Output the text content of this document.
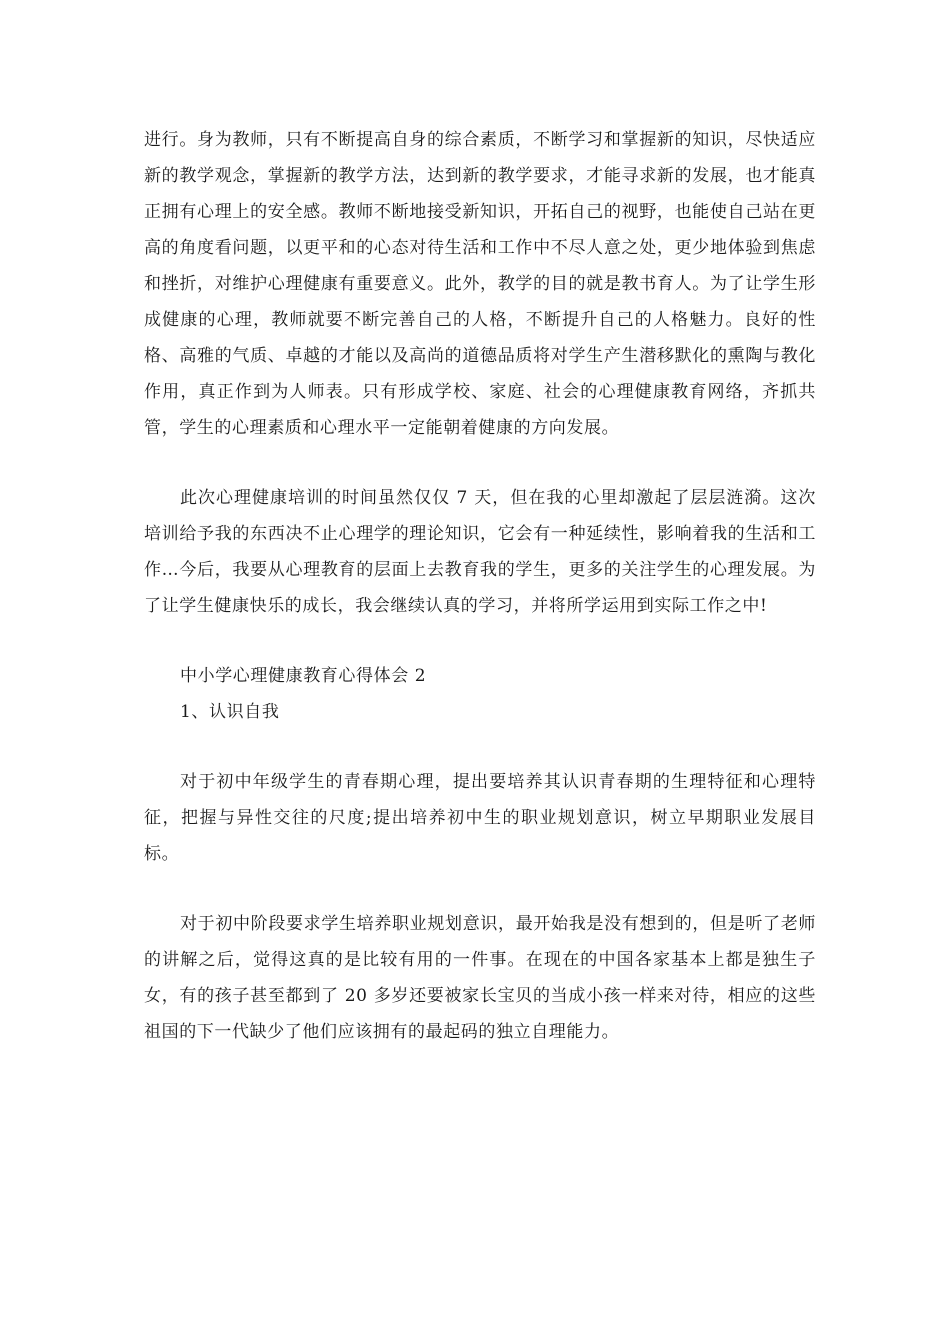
进行。身为教师，只有不断提高自身的综合素质，不断学习和掌握新的知识，尽快适应新的教学观念，掌握新的教学方法，达到新的教学要求，才能寻求新的发展，也才能真正拥有心理上的安全感。教师不断地接受新知识，开拓自己的视野，也能使自己站在更高的角度看问题，以更平和的心态对待生活和工作中不尽人意之处，更少地体验到焦虑和挫折，对维护心理健康有重要意义。此外，教学的目的就是教书育人。为了让学生形成健康的心理，教师就要不断完善自己的人格，不断提升自己的人格魅力。良好的性格、高雅的气质、卓越的才能以及高尚的道德品质将对学生产生潜移默化的熏陶与教化作用，真正作到为人师表。只有形成学校、家庭、社会的心理健康教育网络，齐抓共管，学生的心理素质和心理水平一定能朝着健康的方向发展。

此次心理健康培训的时间虽然仅仅 7 天，但在我的心里却激起了层层涟漪。这次培训给予我的东西决不止心理学的理论知识，它会有一种延续性，影响着我的生活和工作…今后，我要从心理教育的层面上去教育我的学生，更多的关注学生的心理发展。为了让学生健康快乐的成长，我会继续认真的学习，并将所学运用到实际工作之中!

中小学心理健康教育心得体会 2

1、认识自我

对于初中年级学生的青春期心理，提出要培养其认识青春期的生理特征和心理特征，把握与异性交往的尺度;提出培养初中生的职业规划意识，树立早期职业发展目标。

对于初中阶段要求学生培养职业规划意识，最开始我是没有想到的，但是听了老师的讲解之后，觉得这真的是比较有用的一件事。在现在的中国各家基本上都是独生子女，有的孩子甚至都到了 20 多岁还要被家长宝贝的当成小孩一样来对待，相应的这些祖国的下一代缺少了他们应该拥有的最起码的独立自理能力。
